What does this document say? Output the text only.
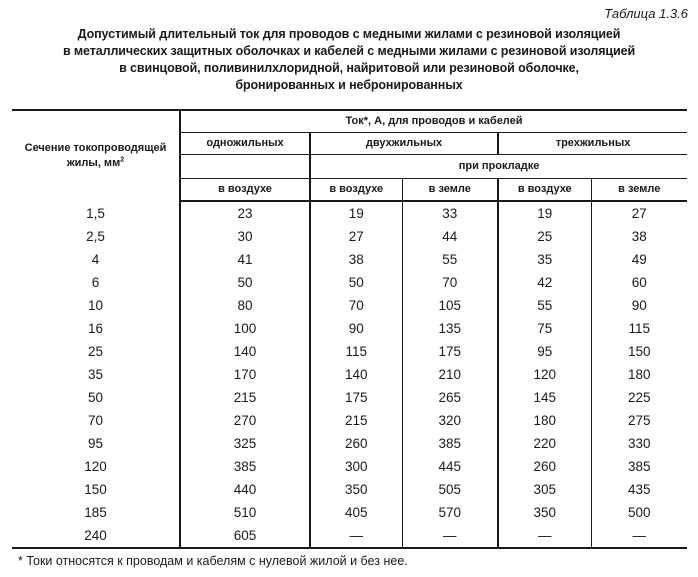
Таблица 1.3.6
Допустимый длительный ток для проводов с медными жилами с резиновой изоляцией
в металлических защитных оболочках и кабелей с медными жилами с резиновой изоляцией
в свинцовой, поливинилхлоридной, найритовой или резиновой оболочке,
бронированных и небронированных
Сечение токопроводящей
жилы, $мм^2$	Ток*, А, для проводов и кабелей				
	одножильных	двухжильных		трехжильных	
		при прокладке			
	в воздухе	в воздухе	в земле	в воздухе	в земле
1,5	23	19	33	19	27
2,5	30	27	44	25	38
4	41	38	55	35	49
6	50	50	70	42	60
10	80	70	105	55	90
16	100	90	135	75	115
25	140	115	175	95	150
35	170	140	210	120	180
50	215	175	265	145	225
70	270	215	320	180	275
95	325	260	385	220	330
120	385	300	445	260	385
150	440	350	505	305	435
185	510	405	570	350	500
240	605	—	—	—	—
* Токи относятся к проводам и кабелям с нулевой жилой и без нее.					
